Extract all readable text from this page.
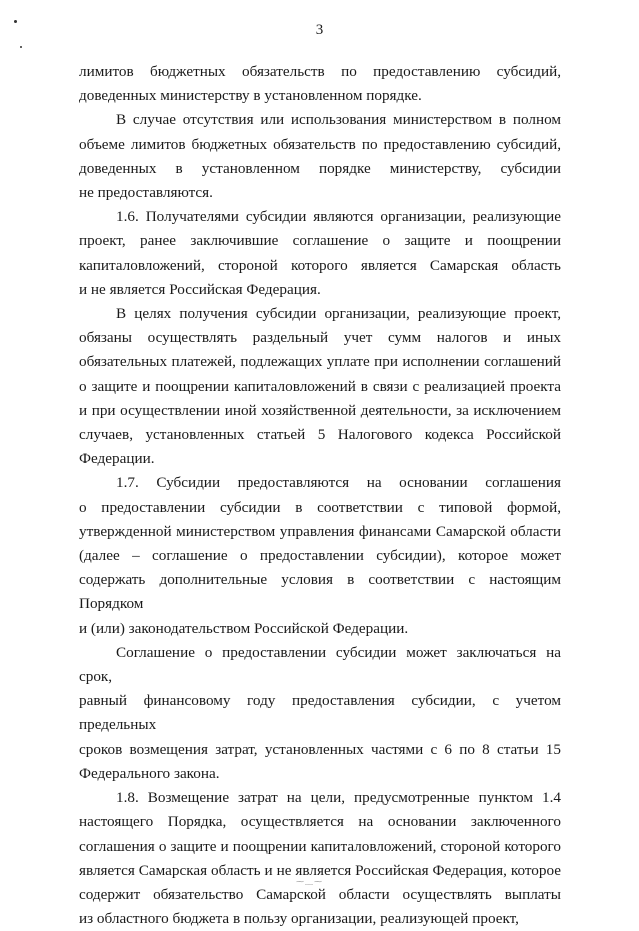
3

лимитов бюджетных обязательств по предоставлению субсидий,

доведенных министерству в установленном порядке.

В случае отсутствия или использования министерством в полном

объеме лимитов бюджетных обязательств по предоставлению субсидий,

доведенных в установленном порядке министерству, субсидии

не предоставляются.

1.6. Получателями субсидии являются организации, реализующие

проект, ранее заключившие соглашение о защите и поощрении

капиталовложений, стороной которого является Самарская область

и не является Российская Федерация.

В целях получения субсидии организации, реализующие проект,

обязаны осуществлять раздельный учет сумм налогов и иных

обязательных платежей, подлежащих уплате при исполнении соглашений

о защите и поощрении капиталовложений в связи с реализацией проекта

и при осуществлении иной хозяйственной деятельности, за исключением

случаев, установленных статьей 5 Налогового кодекса Российской

Федерации.

1.7. Субсидии предоставляются на основании соглашения

о предоставлении субсидии в соответствии с типовой формой,

утвержденной министерством управления финансами Самарской области

(далее – соглашение о предоставлении субсидии), которое может

содержать дополнительные условия в соответствии с настоящим Порядком

и (или) законодательством Российской Федерации.

Соглашение о предоставлении субсидии может заключаться на срок,

равный финансовому году предоставления субсидии, с учетом предельных

сроков возмещения затрат, установленных частями с 6 по 8 статьи 15

Федерального закона.

1.8. Возмещение затрат на цели, предусмотренные пунктом 1.4

настоящего Порядка, осуществляется на основании заключенного

соглашения о защите и поощрении капиталовложений, стороной которого

является Самарская область и не является Российская Федерация, которое

содержит обязательство Самарской области осуществлять выплаты

из областного бюджета в пользу организации, реализующей проект,

⁓﹏⁓
